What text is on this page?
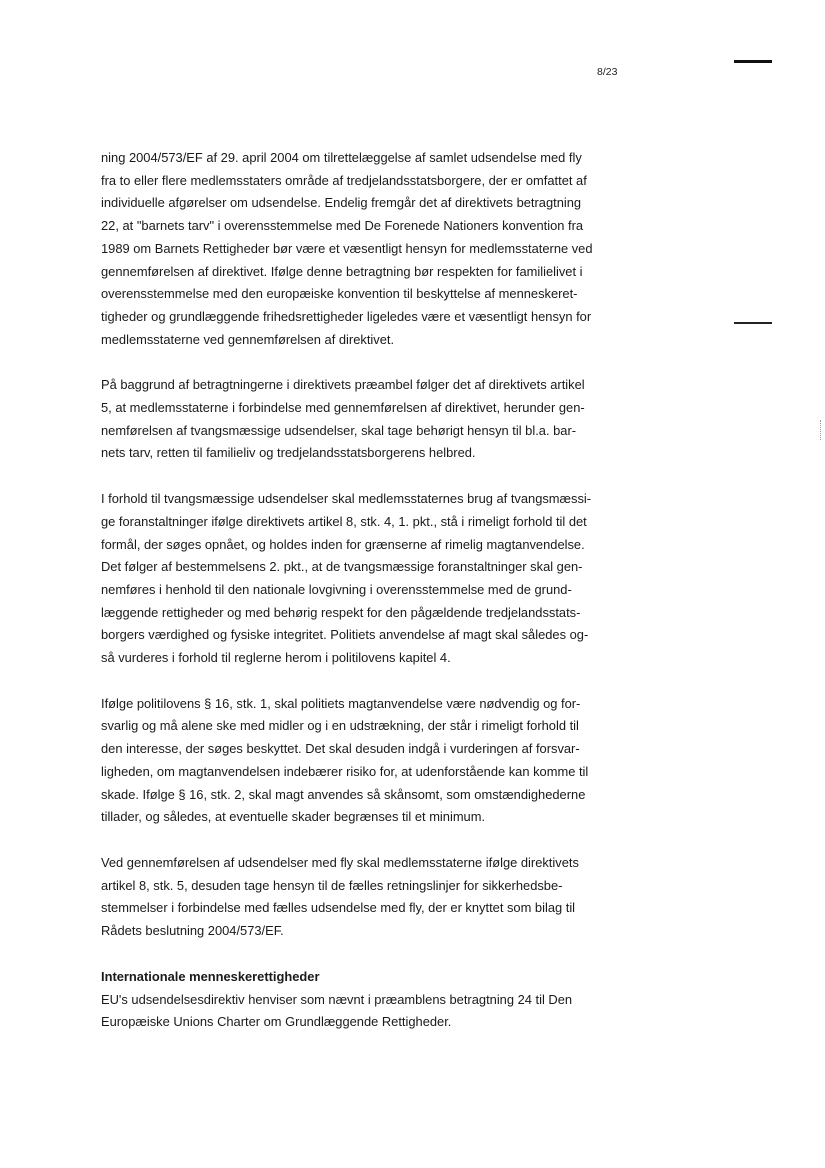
8/23

ning 2004/573/EF af 29. april 2004 om tilrettelæggelse af samlet udsendelse med fly
fra to eller flere medlemsstaters område af tredjelandsstatsborgere, der er omfattet af
individuelle afgørelser om udsendelse. Endelig fremgår det af direktivets betragtning
22, at "barnets tarv" i overensstemmelse med De Forenede Nationers konvention fra
1989 om Barnets Rettigheder bør være et væsentligt hensyn for medlemsstaterne ved
gennemførelsen af direktivet. Ifølge denne betragtning bør respekten for familielivet i
overensstemmelse med den europæiske konvention til beskyttelse af menneskeret-
tigheder og grundlæggende frihedsrettigheder ligeledes være et væsentligt hensyn for
medlemsstaterne ved gennemførelsen af direktivet.

På baggrund af betragtningerne i direktivets præambel følger det af direktivets artikel
5, at medlemsstaterne i forbindelse med gennemførelsen af direktivet, herunder gen-
nemførelsen af tvangsmæssige udsendelser, skal tage behørigt hensyn til bl.a. bar-
nets tarv, retten til familieliv og tredjelandsstatsborgerens helbred.

I forhold til tvangsmæssige udsendelser skal medlemsstaternes brug af tvangsmæssi-
ge foranstaltninger ifølge direktivets artikel 8, stk. 4, 1. pkt., stå i rimeligt forhold til det
formål, der søges opnået, og holdes inden for grænserne af rimelig magtanvendelse.
Det følger af bestemmelsens 2. pkt., at de tvangsmæssige foranstaltninger skal gen-
nemføres i henhold til den nationale lovgivning i overensstemmelse med de grund-
læggende rettigheder og med behørig respekt for den pågældende tredjelandsstats-
borgers værdighed og fysiske integritet. Politiets anvendelse af magt skal således og-
så vurderes i forhold til reglerne herom i politilovens kapitel 4.

Ifølge politilovens § 16, stk. 1, skal politiets magtanvendelse være nødvendig og for-
svarlig og må alene ske med midler og i en udstrækning, der står i rimeligt forhold til
den interesse, der søges beskyttet. Det skal desuden indgå i vurderingen af forsvar-
ligheden, om magtanvendelsen indebærer risiko for, at udenforstående kan komme til
skade. Ifølge § 16, stk. 2, skal magt anvendes så skånsomt, som omstændighederne
tillader, og således, at eventuelle skader begrænses til et minimum.

Ved gennemførelsen af udsendelser med fly skal medlemsstaterne ifølge direktivets
artikel 8, stk. 5, desuden tage hensyn til de fælles retningslinjer for sikkerhedsbe-
stemmelser i forbindelse med fælles udsendelse med fly, der er knyttet som bilag til
Rådets beslutning 2004/573/EF.

Internationale menneskerettigheder
EU's udsendelsesdirektiv henviser som nævnt i præamblens betragtning 24 til Den
Europæiske Unions Charter om Grundlæggende Rettigheder.
